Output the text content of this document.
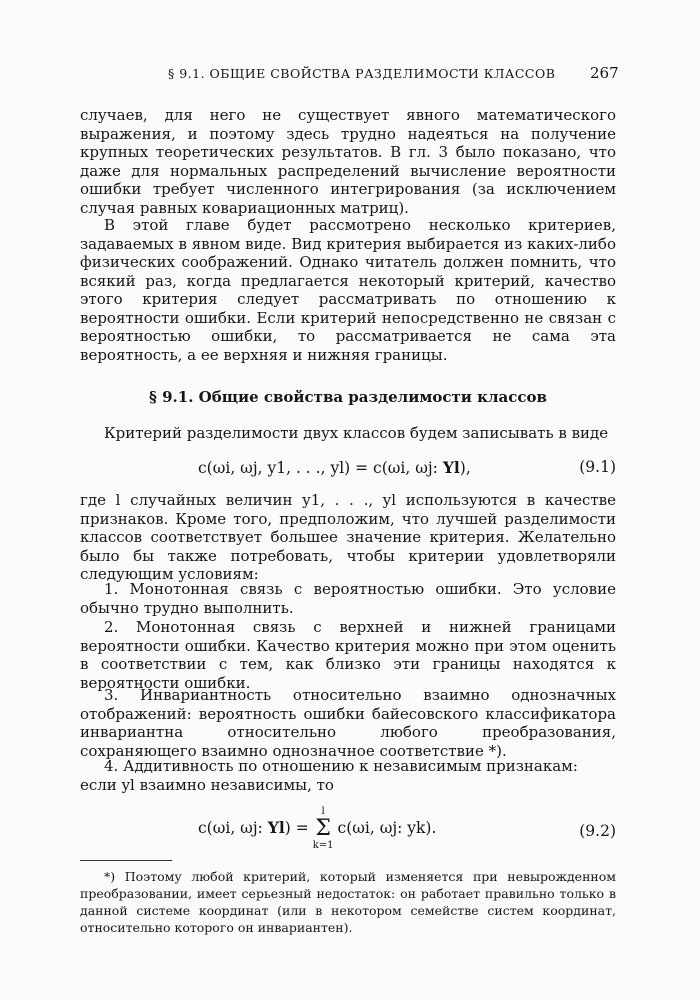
§ 9.1. ОБЩИЕ СВОЙСТВА РАЗДЕЛИМОСТИ КЛАССОВ 267

случаев, для него не существует явного математического выражения, и поэтому здесь трудно надеяться на получение крупных теоретических результатов. В гл. 3 было показано, что даже для нормальных распределений вычисление вероятности ошибки требует численного интегрирования (за исключением случая равных ковариационных матриц).

В этой главе будет рассмотрено несколько критериев, задаваемых в явном виде. Вид критерия выбирается из каких-либо физических соображений. Однако читатель должен помнить, что всякий раз, когда предлагается некоторый критерий, качество этого критерия следует рассматривать по отношению к вероятности ошибки. Если критерий непосредственно не связан с вероятностью ошибки, то рассматривается не сама эта вероятность, а ее верхняя и нижняя границы.

§ 9.1. Общие свойства разделимости классов

Критерий разделимости двух классов будем записывать в виде

c(ωi, ωj, y1, . . ., yl) = c(ωi, ωj: Yl),	(9.1)

где l случайных величин y1, . . ., yl используются в качестве признаков. Кроме того, предположим, что лучшей разделимости классов соответствует большее значение критерия. Желательно было бы также потребовать, чтобы критерии удовлетворяли следующим условиям:

1. Монотонная связь с вероятностью ошибки. Это условие обычно трудно выполнить.

2. Монотонная связь с верхней и нижней границами вероятности ошибки. Качество критерия можно при этом оценить в соответствии с тем, как близко эти границы находятся к вероятности ошибки.

3. Инвариантность относительно взаимно однозначных отображений: вероятность ошибки байесовского классификатора инвариантна относительно любого преобразования, сохраняющего взаимно однозначное соответствие *).

4. Аддитивность по отношению к независимым признакам:

если yl взаимно независимы, то

c(ωi, ωj: Yl) =
l
Σ
k=1
c(ωi, ωj: yk).	(9.2)

*) Поэтому любой критерий, который изменяется при невырожденном преобразовании, имеет серьезный недостаток: он работает правильно только в данной системе координат (или в некотором семействе систем координат, относительно которого он инвариантен).
